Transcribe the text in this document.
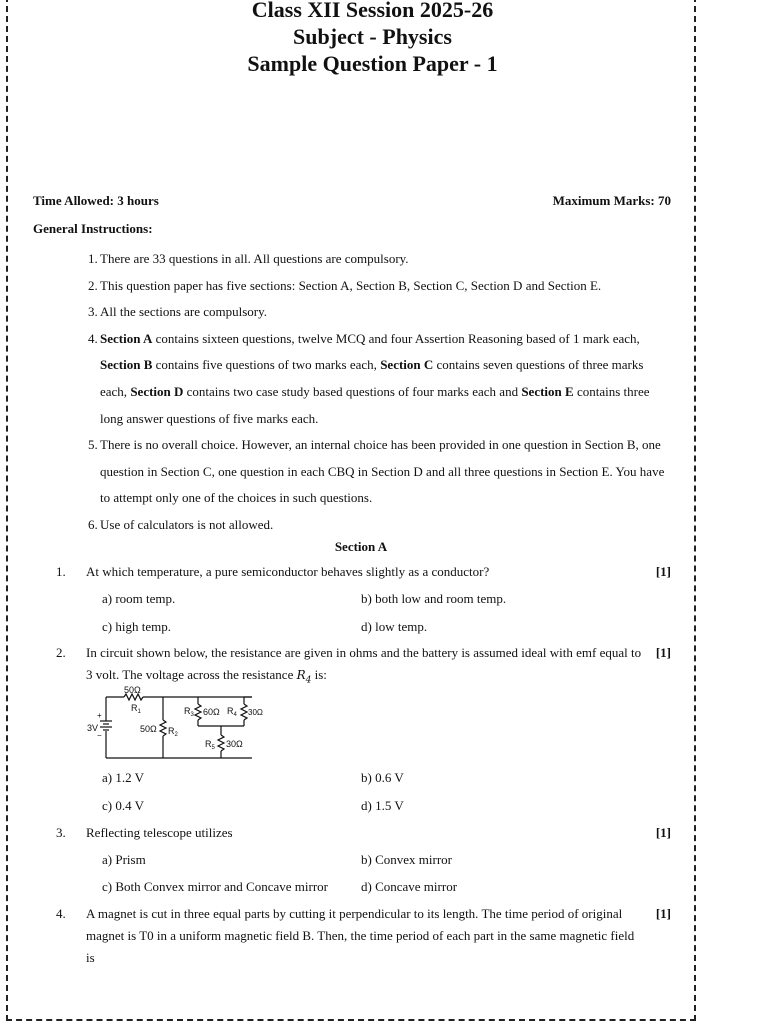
Class XII Session 2025-26
Subject - Physics
Sample Question Paper - 1
Time Allowed: 3 hours	Maximum Marks: 70
General Instructions:
1. There are 33 questions in all. All questions are compulsory.
2. This question paper has five sections: Section A, Section B, Section C, Section D and Section E.
3. All the sections are compulsory.
4. Section A contains sixteen questions, twelve MCQ and four Assertion Reasoning based of 1 mark each, Section B contains five questions of two marks each, Section C contains seven questions of three marks each, Section D contains two case study based questions of four marks each and Section E contains three long answer questions of five marks each.
5. There is no overall choice. However, an internal choice has been provided in one question in Section B, one question in Section C, one question in each CBQ in Section D and all three questions in Section E. You have to attempt only one of the choices in such questions.
6. Use of calculators is not allowed.
Section A
1. At which temperature, a pure semiconductor behaves slightly as a conductor?	[1]
a) room temp.	b) both low and room temp.
c) high temp.	d) low temp.
2. In circuit shown below, the resistance are given in ohms and the battery is assumed ideal with emf equal to 3 volt. The voltage across the resistance $R_4$ is:
[1]
50Ω
$R_1$
+
3V
−
50Ω $R_2$
$R_3$ 60Ω $R_4$ 30Ω
$R_5$ 30Ω
a) 1.2 V	b) 0.6 V
c) 0.4 V	d) 1.5 V
3. Reflecting telescope utilizes	[1]
a) Prism	b) Convex mirror
c) Both Convex mirror and Concave mirror	d) Concave mirror
4. A magnet is cut in three equal parts by cutting it perpendicular to its length. The time period of original magnet is T0 in a uniform magnetic field B. Then, the time period of each part in the same magnetic field is
[1]
